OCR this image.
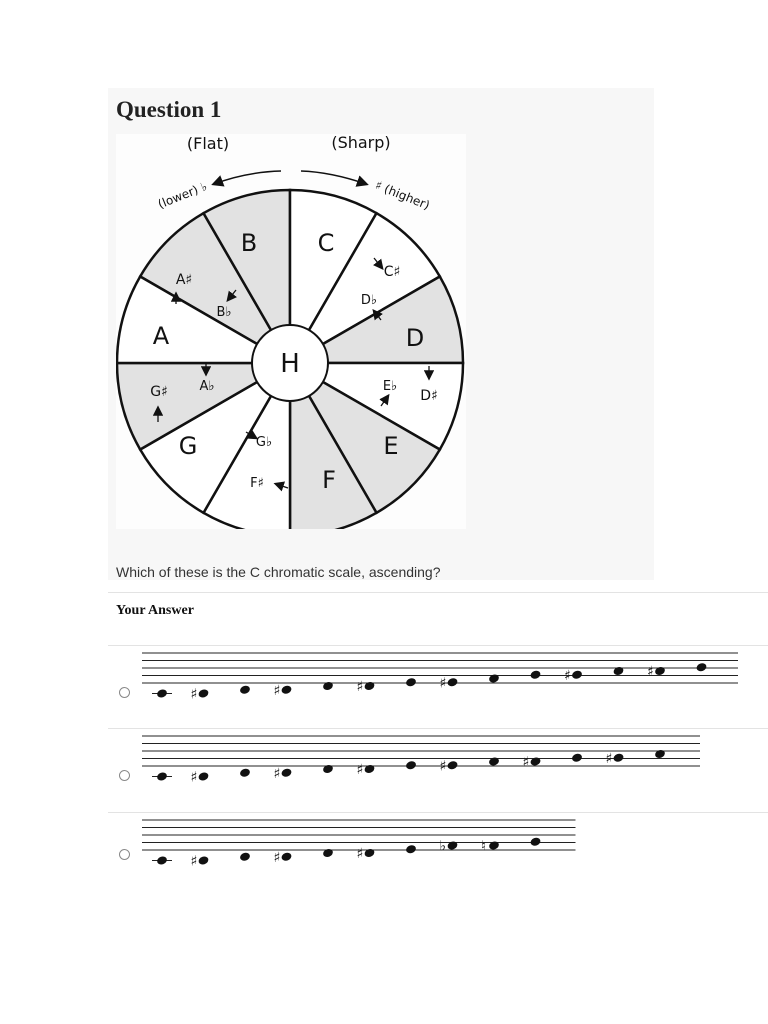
Question 1
(Flat)	(Sharp)
(lower) ♭	♯ (higher)
B	C
D
E
F
G
A
A♯
B♭
C♯
D♭
E♭
D♯
G♭
F♯
G♯ A♭
H
Which of these is the C chromatic scale, ascending?
Your Answer
♯	♯	♯	♯	♯	♯
♯	♯	♯	♯	♯	♯
♯	♯	♯	♭ ♮
